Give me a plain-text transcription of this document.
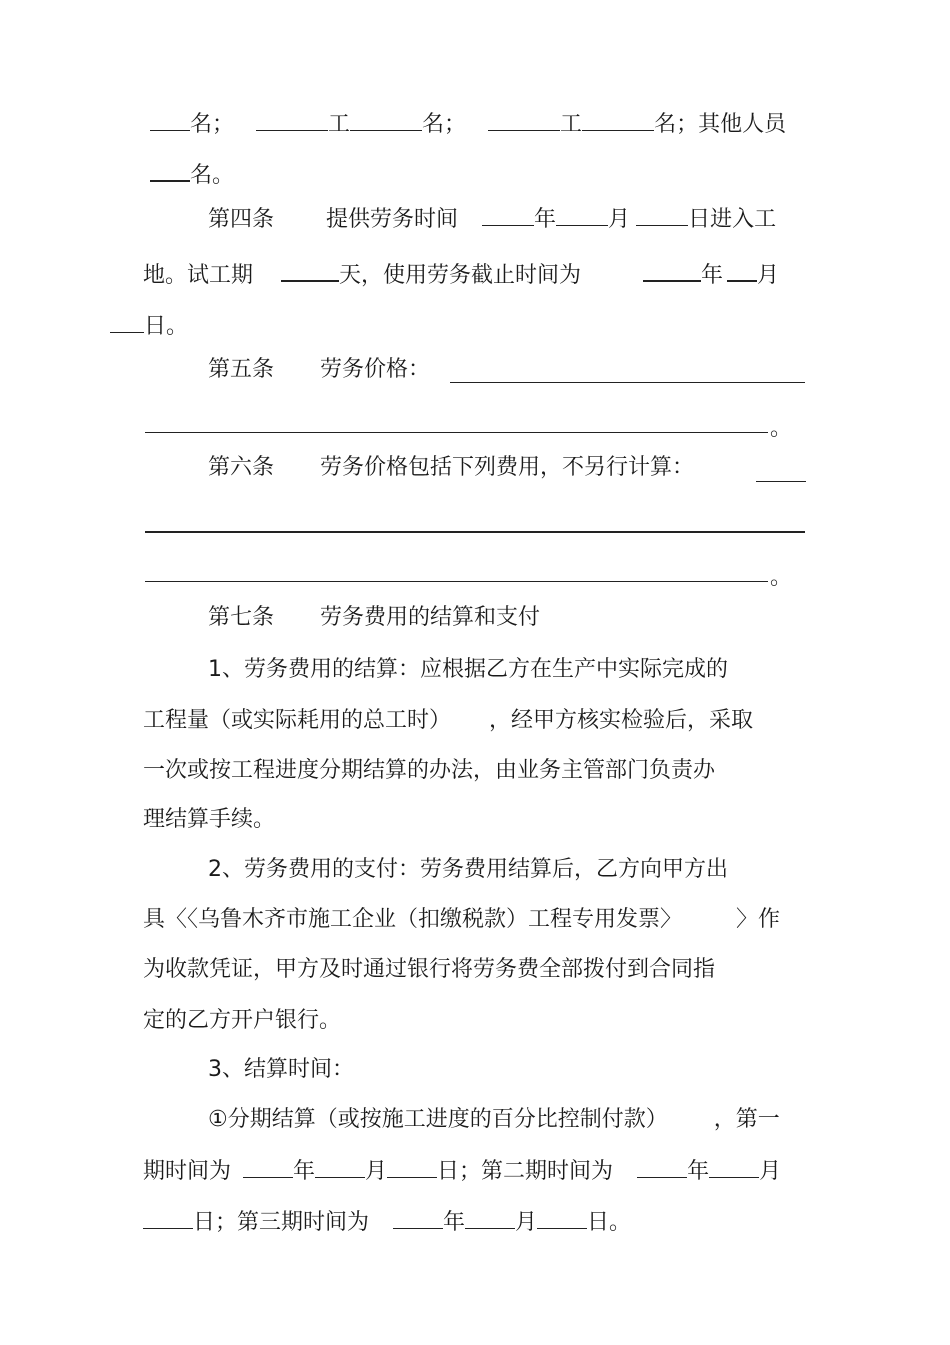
名；	工	名；	工	名；其他人员
名。
第四条 提供劳务时间	年 月	日进入工
地。试工期	天，使用劳务截止时间为	年 月
日。
第五条 劳务价格：
。
第六条 劳务价格包括下列费用，不另行计算：
。
第七条 劳务费用的结算和支付
1、劳务费用的结算：应根据乙方在生产中实际完成的
工程量（或实际耗用的总工时） ，经甲方核实检验后，采取
一次或按工程进度分期结算的办法，由业务主管部门负责办
理结算手续。
2、劳务费用的支付：劳务费用结算后，乙方向甲方出
具〈〈乌鲁木齐市施工企业（扣缴税款）工程专用发票〉 〉作
为收款凭证，甲方及时通过银行将劳务费全部拨付到合同指
定的乙方开户银行。
3、结算时间：
①分期结算（或按施工进度的百分比控制付款） ，第一
期时间为	年 月 日；第二期时间为	年 月
日；第三期时间为	年 月 日。
